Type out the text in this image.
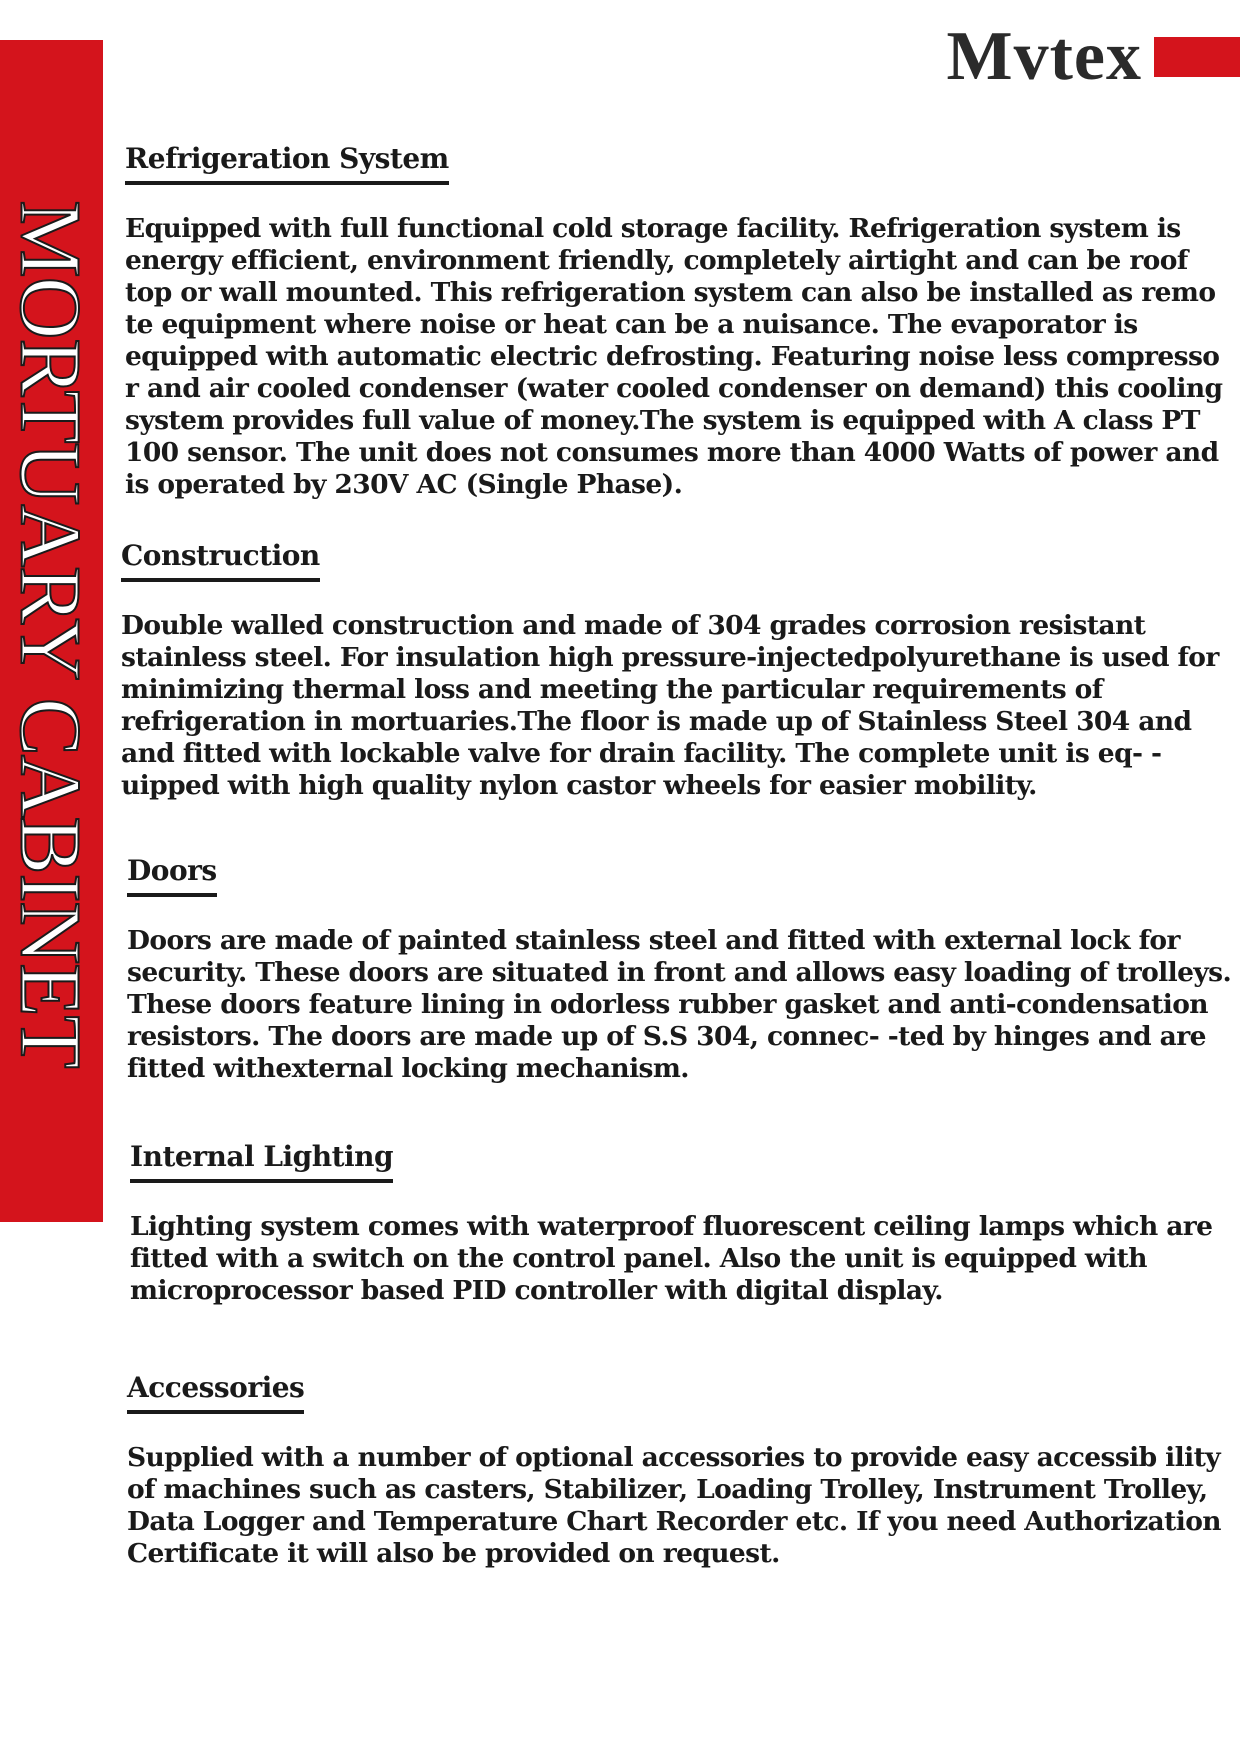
MORTUARY CABINET
Mvtex
Refrigeration System

Equipped with full functional cold storage facility. Refrigeration system is energy efficient, environment friendly, completely airtight and can be roof top or wall mounted. This refrigeration system can also be installed as remo te equipment where noise or heat can be a nuisance. The evaporator is equipped with automatic electric defrosting. Featuring noise less compresso r and air cooled condenser (water cooled condenser on demand) this cooling system provides full value of money.The system is equipped with A class PT 100 sensor. The unit does not consumes more than 4000 Watts of power and is operated by 230V AC (Single Phase).

Construction

Double walled construction and made of 304 grades corrosion resistant stainless steel. For insulation high pressure-injectedpolyurethane is used for minimizing thermal loss and meeting the particular requirements of refrigeration in mortuaries.The floor is made up of Stainless Steel 304 and and fitted with lockable valve for drain facility. The complete unit is eq- -uipped with high quality nylon castor wheels for easier mobility.

Doors

Doors are made of painted stainless steel and fitted with external lock for security. These doors are situated in front and allows easy loading of trolleys. These doors feature lining in odorless rubber gasket and anti-condensation resistors. The doors are made up of S.S 304, connec- -ted by hinges and are fitted withexternal locking mechanism.

Internal Lighting

Lighting system comes with waterproof fluorescent ceiling lamps which are fitted with a switch on the control panel. Also the unit is equipped with microprocessor based PID controller with digital display.

Accessories

Supplied with a number of optional accessories to provide easy accessib ility of machines such as casters, Stabilizer, Loading Trolley, Instrument Trolley, Data Logger and Temperature Chart Recorder etc. If you need Authorization Certificate it will also be provided on request.
